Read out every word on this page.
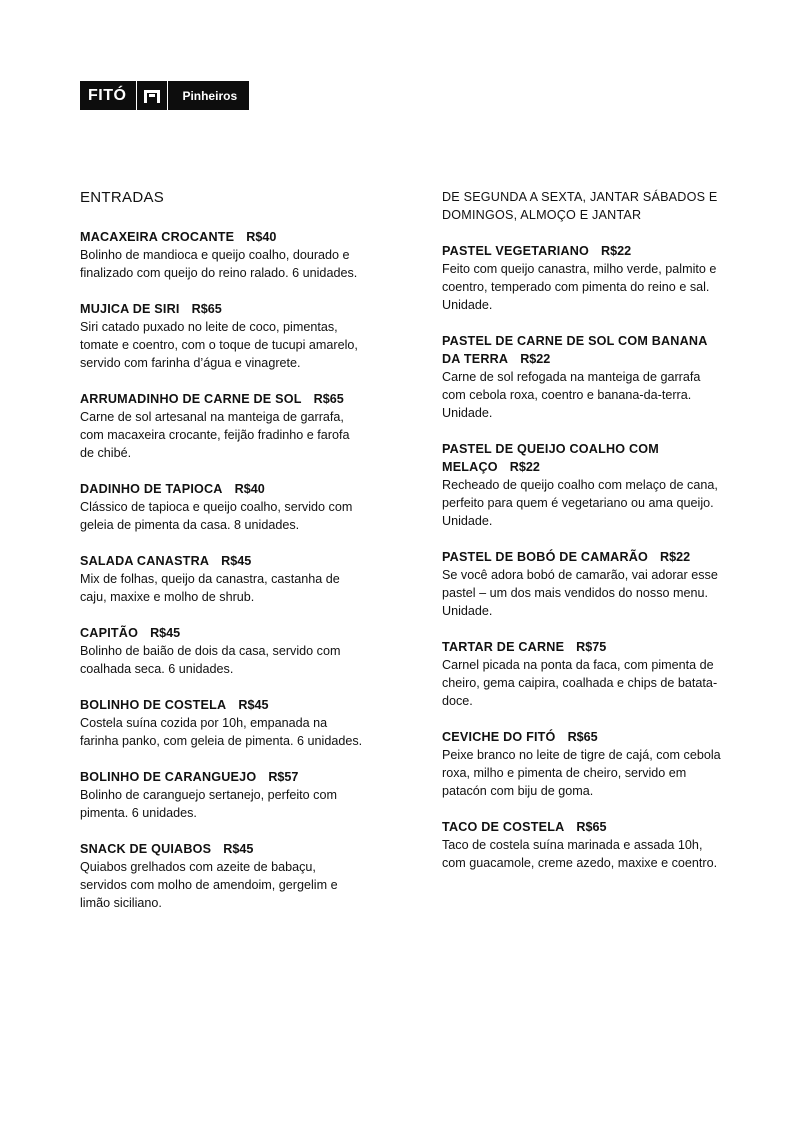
FITÓ	Pinheiros
ENTRADAS
MACAXEIRA CROCANTE R$40
Bolinho de mandioca e queijo coalho, dourado e finalizado com queijo do reino ralado. 6 unidades.
MUJICA DE SIRI R$65
Siri catado puxado no leite de coco, pimentas, tomate e coentro, com o toque de tucupi amarelo, servido com farinha d’água e vinagrete.
ARRUMADINHO DE CARNE DE SOL R$65
Carne de sol artesanal na manteiga de garrafa, com macaxeira crocante, feijão fradinho e farofa de chibé.
DADINHO DE TAPIOCA R$40
Clássico de tapioca e queijo coalho, servido com geleia de pimenta da casa. 8 unidades.
SALADA CANASTRA R$45
Mix de folhas, queijo da canastra, castanha de caju, maxixe e molho de shrub.
CAPITÃO R$45
Bolinho de baião de dois da casa, servido com coalhada seca. 6 unidades.
BOLINHO DE COSTELA R$45
Costela suína cozida por 10h, empanada na farinha panko, com geleia de pimenta. 6 unidades.
BOLINHO DE CARANGUEJO R$57
Bolinho de caranguejo sertanejo, perfeito com pimenta. 6 unidades.
SNACK DE QUIABOS R$45
Quiabos grelhados com azeite de babaçu, servidos com molho de amendoim, gergelim e limão siciliano.
DE SEGUNDA A SEXTA, JANTAR SÁBADOS E DOMINGOS, ALMOÇO E JANTAR
PASTEL VEGETARIANO R$22
Feito com queijo canastra, milho verde, palmito e coentro, temperado com pimenta do reino e sal. Unidade.
PASTEL DE CARNE DE SOL COM BANANA DA TERRA R$22
Carne de sol refogada na manteiga de garrafa com cebola roxa, coentro e banana-da-terra. Unidade.
PASTEL DE QUEIJO COALHO COM MELAÇO R$22
Recheado de queijo coalho com melaço de cana, perfeito para quem é vegetariano ou ama queijo. Unidade.
PASTEL DE BOBÓ DE CAMARÃO R$22
Se você adora bobó de camarão, vai adorar esse pastel – um dos mais vendidos do nosso menu. Unidade.
TARTAR DE CARNE R$75
Carnel picada na ponta da faca, com pimenta de cheiro, gema caipira, coalhada e chips de batata-doce.
CEVICHE DO FITÓ R$65
Peixe branco no leite de tigre de cajá, com cebola roxa, milho e pimenta de cheiro, servido em patacón com biju de goma.
TACO DE COSTELA R$65
Taco de costela suína marinada e assada 10h, com guacamole, creme azedo, maxixe e coentro.
